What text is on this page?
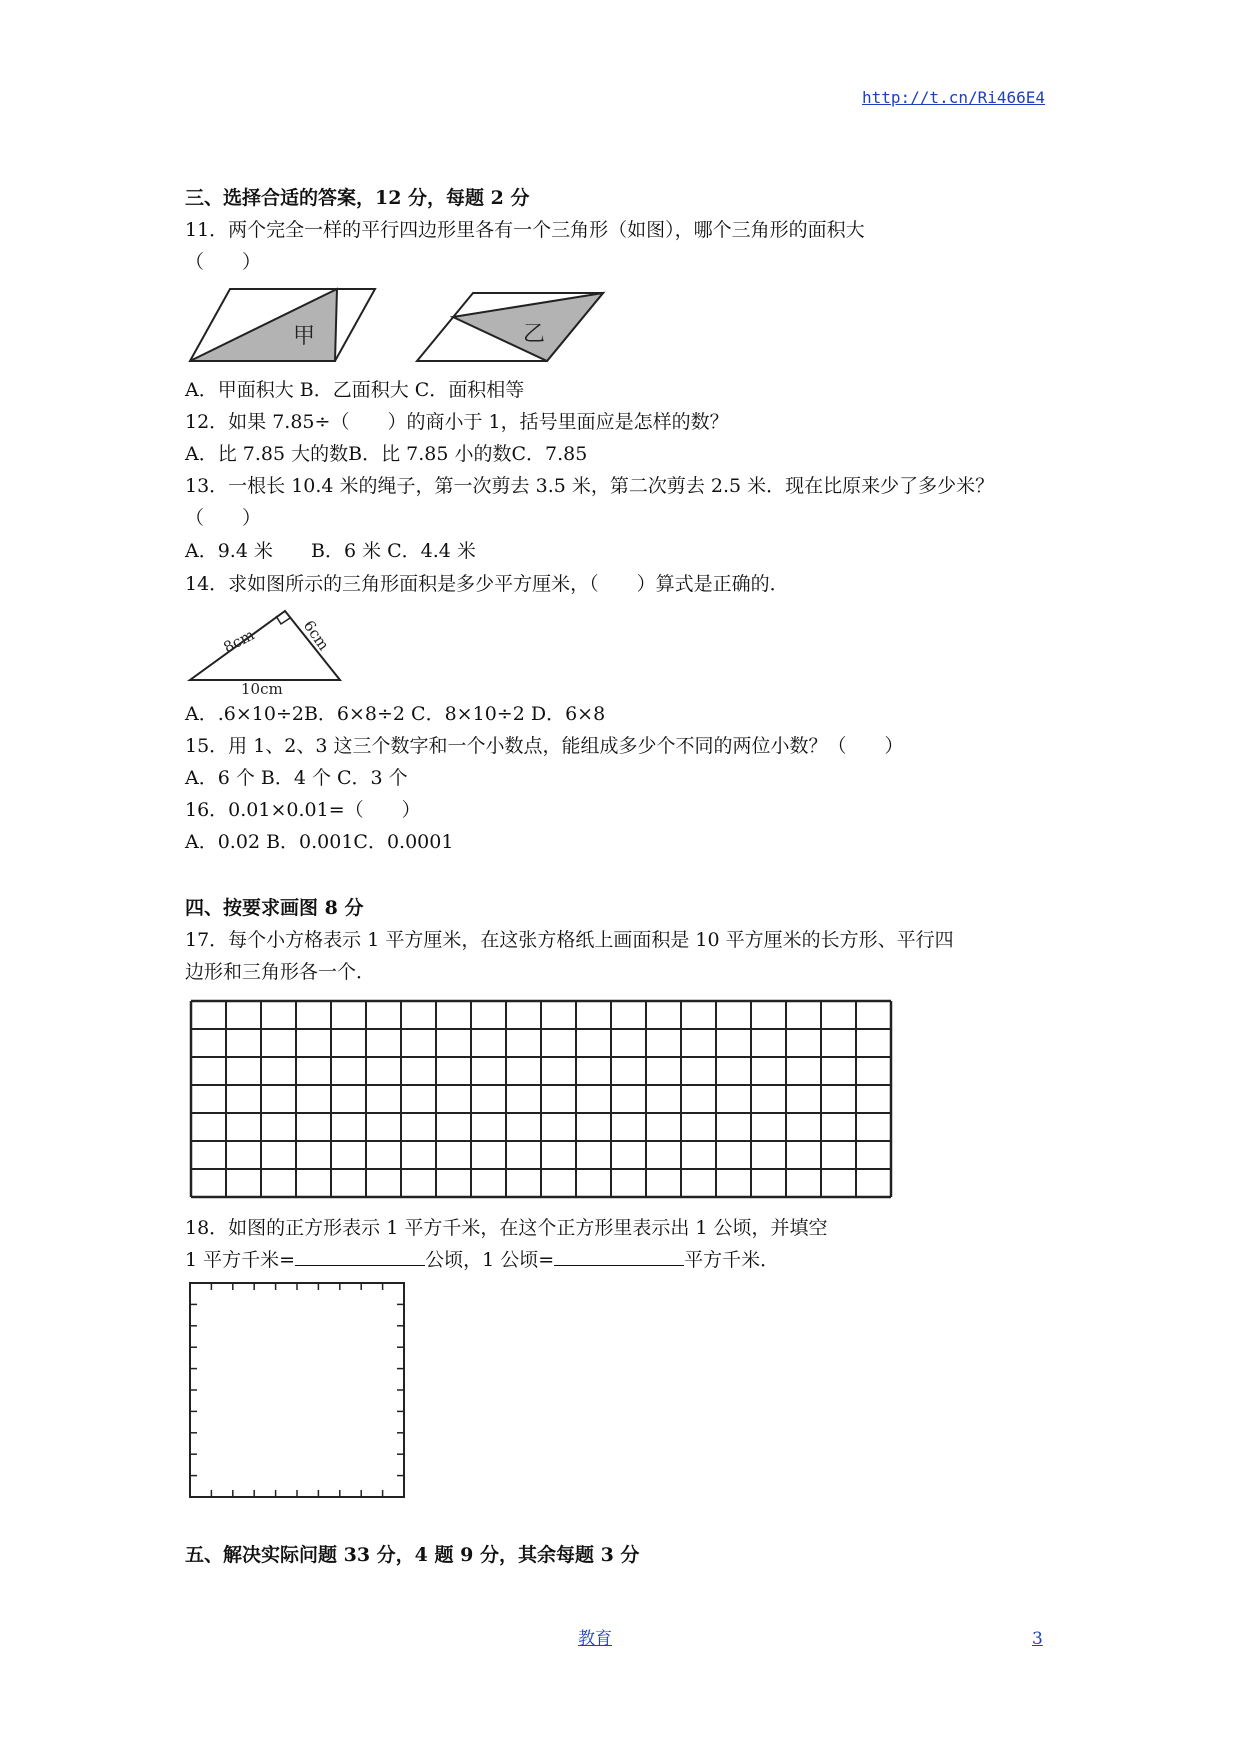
http://t.cn/Ri466E4
三、选择合适的答案，12 分，每题 2 分
11．两个完全一样的平行四边形里各有一个三角形（如图），哪个三角形的面积大
（　　）
甲	乙
A．甲面积大 B．乙面积大 C．面积相等
12．如果 7.85÷（　　）的商小于 1，括号里面应是怎样的数？
A．比 7.85 大的数B．比 7.85 小的数C．7.85
13．一根长 10.4 米的绳子，第一次剪去 3.5 米，第二次剪去 2.5 米．现在比原来少了多少米？
（　　）
A．9.4 米　　B．6 米 C．4.4 米
14．求如图所示的三角形面积是多少平方厘米，（　　）算式是正确的．
8cm	6cm
10cm
A．.6×10÷2B．6×8÷2 C．8×10÷2 D．6×8
15．用 1、2、3 这三个数字和一个小数点，能组成多少个不同的两位小数？（　　）
A．6 个 B．4 个 C．3 个
16．0.01×0.01=（　　）
A．0.02 B．0.001C．0.0001
四、按要求画图 8 分
17．每个小方格表示 1 平方厘米，在这张方格纸上画面积是 10 平方厘米的长方形、平行四
边形和三角形各一个．
18．如图的正方形表示 1 平方千米，在这个正方形里表示出 1 公顷，并填空
1 平方千米=	公顷，1 公顷=	平方千米．
五、解决实际问题 33 分，4 题 9 分，其余每题 3 分
教育	3
